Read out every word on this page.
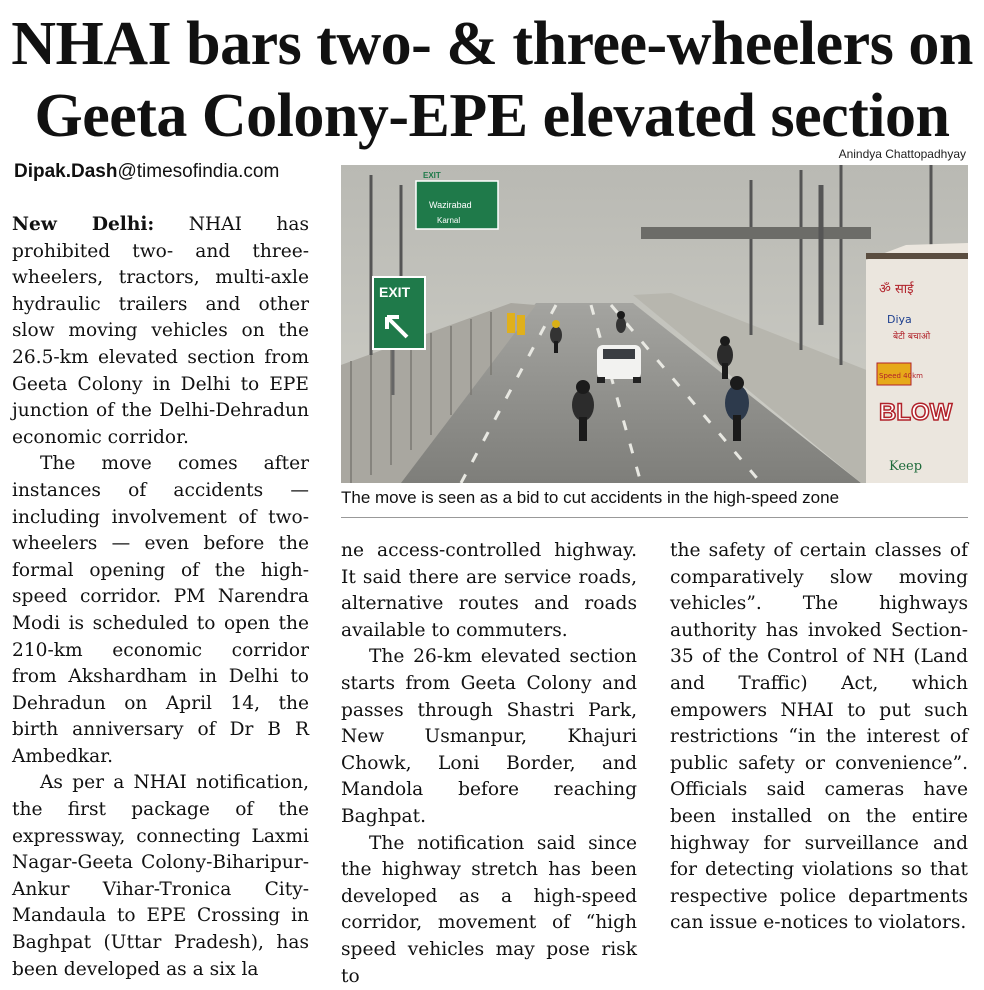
NHAI bars two- & three-wheelers on
Geeta Colony-EPE elevated section
Dipak.Dash@timesofindia.com
Anindya Chattopadhyay
EXIT
Wazirabad
Karnal
EXIT	ॐ साई
Diya
बेटी बचाओ
Speed 40km
BLOW
Keep
The move is seen as a bid to cut accidents in the high-speed zone

New Delhi: NHAI has prohibited two- and three-wheelers, tractors, multi-axle hydraulic trailers and other slow moving vehicles on the 26.5-km elevated section from Geeta Colony in Delhi to EPE junction of the Delhi-Dehradun economic corridor.

The move comes after instances of accidents — including involvement of two-wheelers — even before the formal opening of the high-speed corridor. PM Narendra Modi is scheduled to open the 210-km economic corridor from Akshardham in Delhi to Dehradun on April 14, the birth anniversary of Dr B R Ambedkar.

As per a NHAI notification, the first package of the expressway, connecting Laxmi Nagar-Geeta Colony-Biharipur-Ankur Vihar-Tronica City-Mandaula to EPE Crossing in Baghpat (Uttar Pradesh), has been developed as a six la

ne access-controlled highway. It said there are service roads, alternative routes and roads available to commuters.

The 26-km elevated section starts from Geeta Colony and passes through Shastri Park, New Usmanpur, Khajuri Chowk, Loni Border, and Mandola before reaching Baghpat.

The notification said since the highway stretch has been developed as a high-speed corridor, movement of “high speed vehicles may pose risk to

the safety of certain classes of comparatively slow moving vehicles”. The highways authority has invoked Section-35 of the Control of NH (Land and Traffic) Act, which empowers NHAI to put such restrictions “in the interest of public safety or convenience”. Officials said cameras have been installed on the entire highway for surveillance and for detecting violations so that respective police departments can issue e-notices to violators.
